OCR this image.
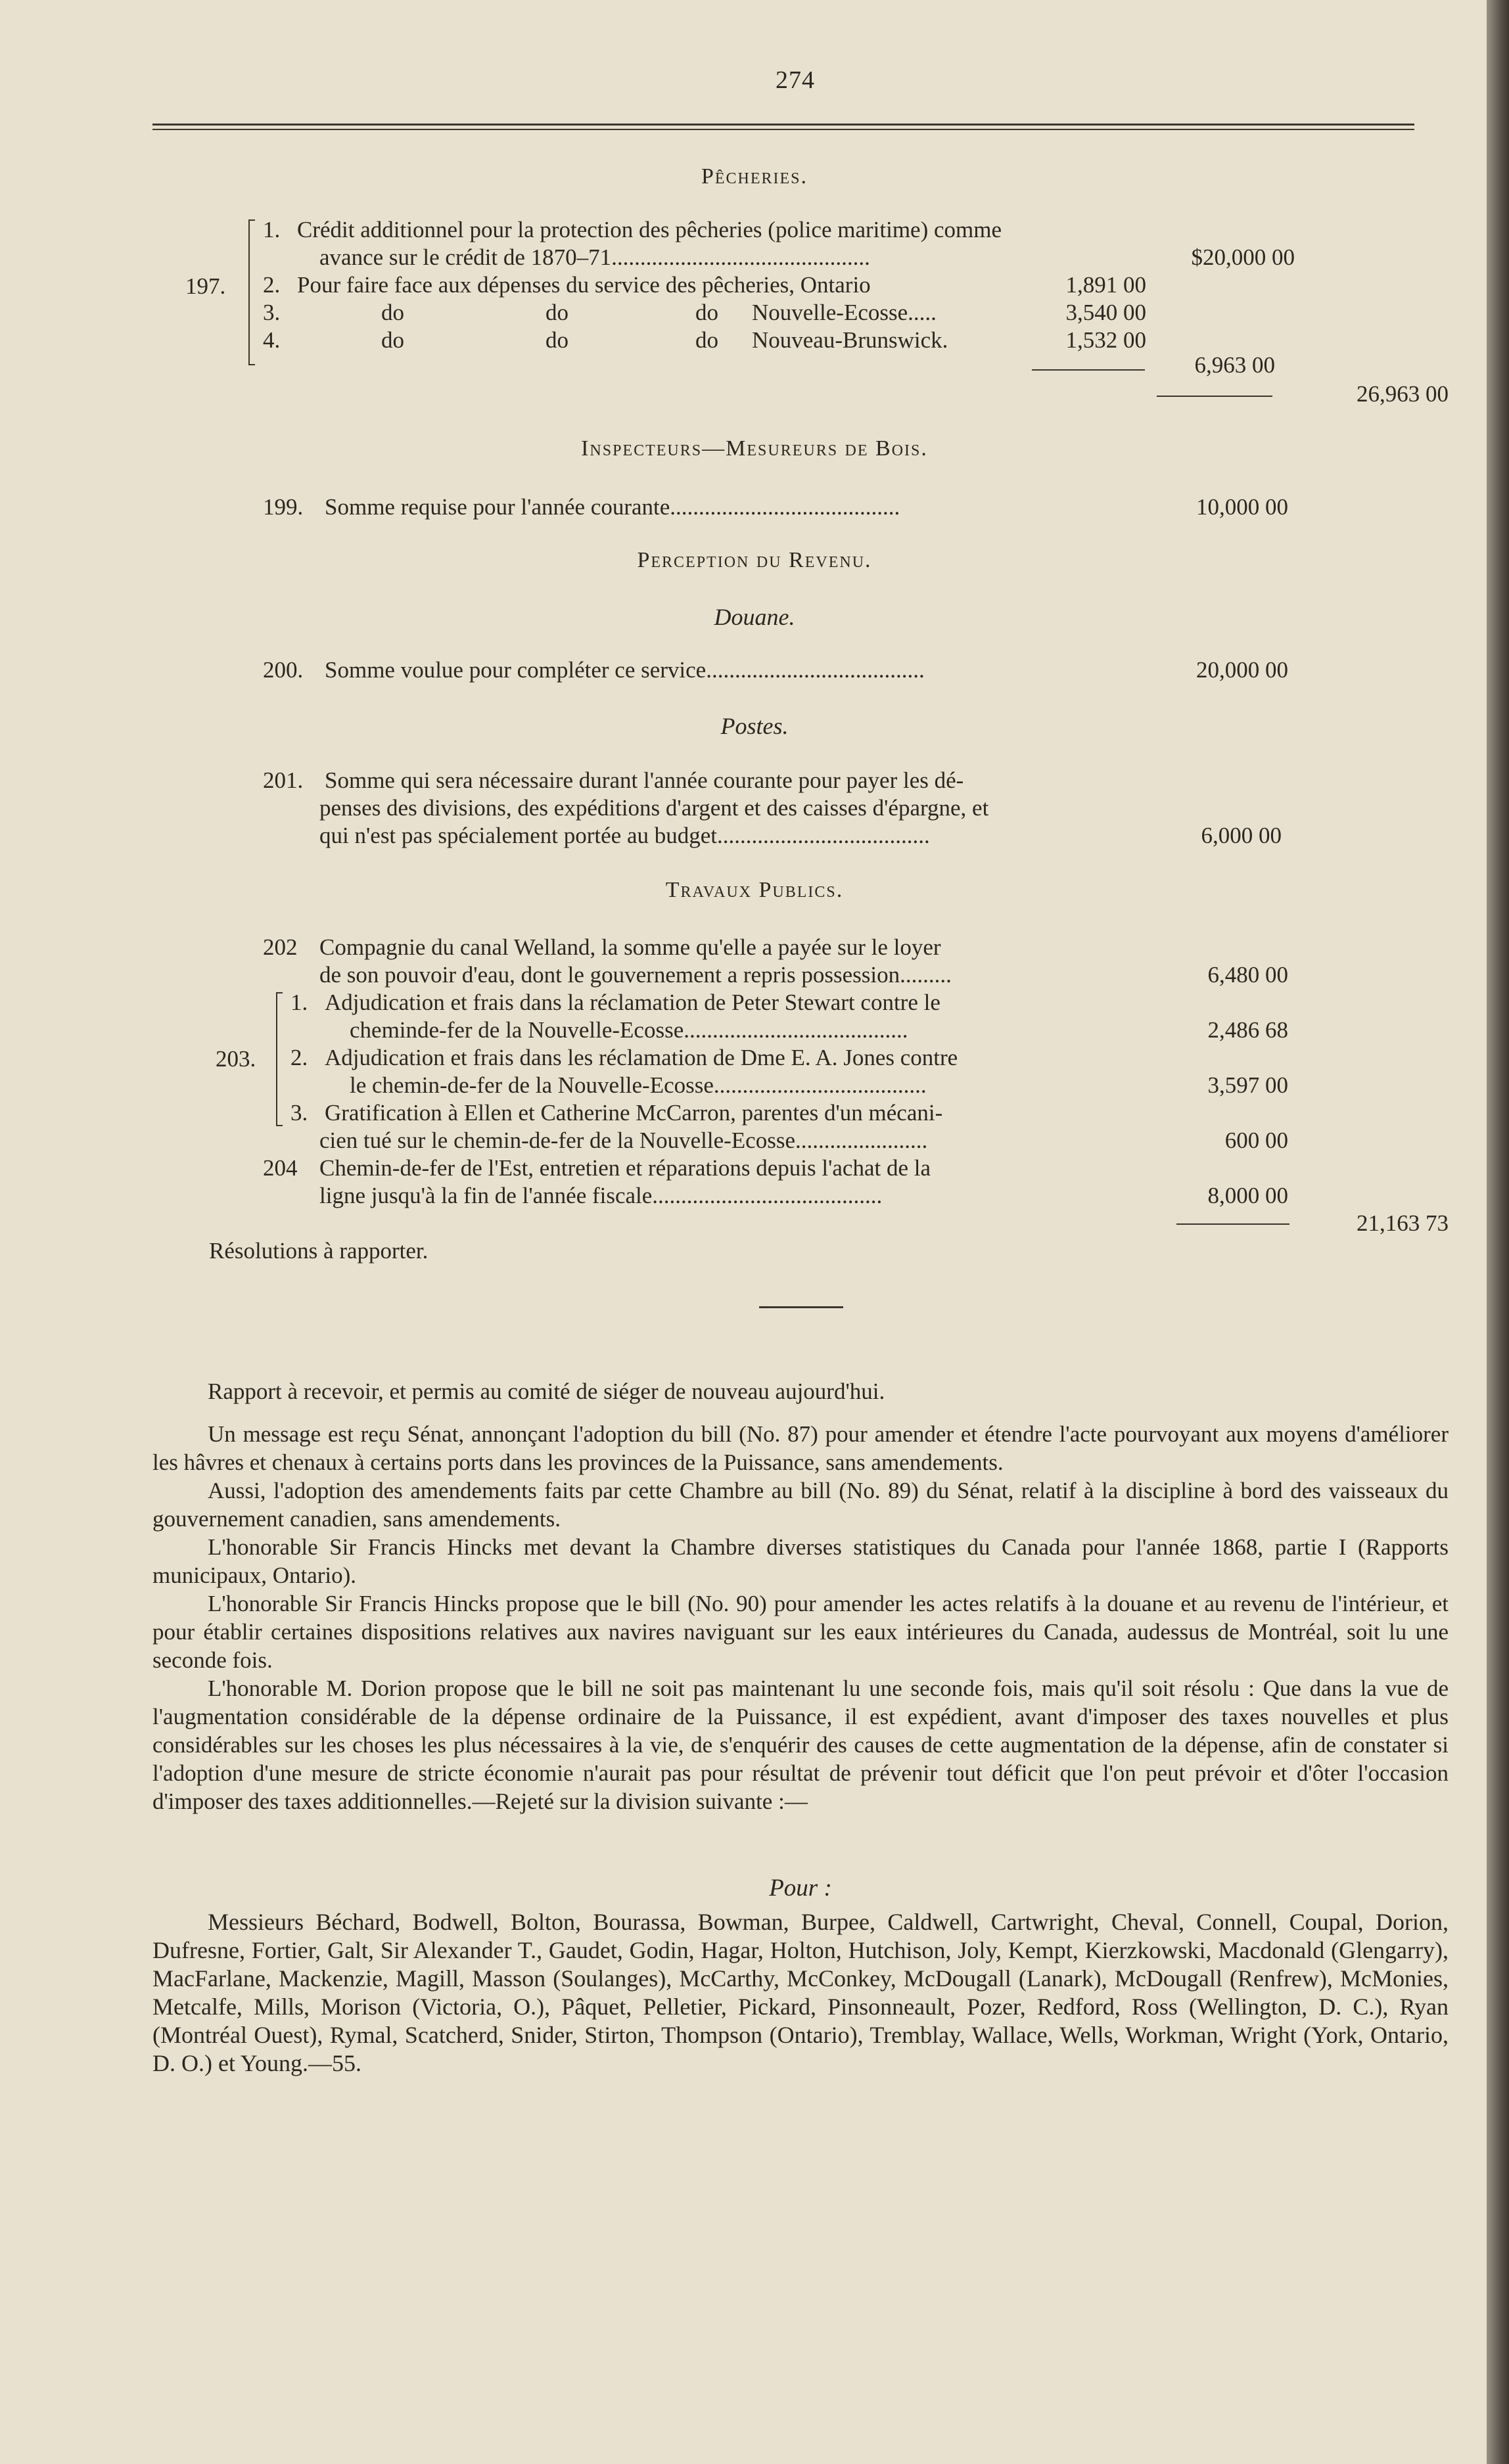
274
Pêcheries.
197.
1. Crédit additionnel pour la protection des pêcheries (police maritime) comme
avance sur le crédit de 1870–71.............................................	$20,000 00
2. Pour faire face aux dépenses du service des pêcheries, Ontario	1,891 00
3.	do	do	do Nouvelle-Ecosse.....	3,540 00
4.	do	do	do Nouveau-Brunswick.	1,532 00
6,963 00
26,963 00
Inspecteurs—Mesureurs de Bois.
199. Somme requise pour l'année courante........................................	10,000 00
Perception du Revenu.
Douane.
200. Somme voulue pour compléter ce service......................................	20,000 00
Postes.
201. Somme qui sera nécessaire durant l'année courante pour payer les dé-
penses des divisions, des expéditions d'argent et des caisses d'épargne, et
qui n'est pas spécialement portée au budget.....................................	6,000 00
Travaux Publics.
202 Compagnie du canal Welland, la somme qu'elle a payée sur le loyer
de son pouvoir d'eau, dont le gouvernement a repris possession.........	6,480 00
203.
1. Adjudication et frais dans la réclamation de Peter Stewart contre le
cheminde-fer de la Nouvelle-Ecosse.......................................	2,486 68
2. Adjudication et frais dans les réclamation de Dme E. A. Jones contre
le chemin-de-fer de la Nouvelle-Ecosse.....................................	3,597 00
3. Gratification à Ellen et Catherine McCarron, parentes d'un mécani-
cien tué sur le chemin-de-fer de la Nouvelle-Ecosse.......................	600 00
204 Chemin-de-fer de l'Est, entretien et réparations depuis l'achat de la
ligne jusqu'à la fin de l'année fiscale........................................	8,000 00
21,163 73
Résolutions à rapporter.

Rapport à recevoir, et permis au comité de siéger de nouveau aujourd'hui.

Un message est reçu Sénat, annonçant l'adoption du bill (No. 87) pour amender et étendre l'acte pourvoyant aux moyens d'améliorer les hâvres et chenaux à certains ports dans les provinces de la Puissance, sans amendements.

Aussi, l'adoption des amendements faits par cette Chambre au bill (No. 89) du Sénat, relatif à la discipline à bord des vaisseaux du gouvernement canadien, sans amendements.

L'honorable Sir Francis Hincks met devant la Chambre diverses statistiques du Canada pour l'année 1868, partie I (Rapports municipaux, Ontario).

L'honorable Sir Francis Hincks propose que le bill (No. 90) pour amender les actes relatifs à la douane et au revenu de l'intérieur, et pour établir certaines dispositions relatives aux navires naviguant sur les eaux intérieures du Canada, audessus de Montréal, soit lu une seconde fois.

L'honorable M. Dorion propose que le bill ne soit pas maintenant lu une seconde fois, mais qu'il soit résolu : Que dans la vue de l'augmentation considérable de la dépense ordinaire de la Puissance, il est expédient, avant d'imposer des taxes nouvelles et plus considérables sur les choses les plus nécessaires à la vie, de s'enquérir des causes de cette augmentation de la dépense, afin de constater si l'adoption d'une mesure de stricte économie n'aurait pas pour résultat de prévenir tout déficit que l'on peut prévoir et d'ôter l'occasion d'imposer des taxes additionnelles.—Rejeté sur la division suivante :—

Pour :

Messieurs Béchard, Bodwell, Bolton, Bourassa, Bowman, Burpee, Caldwell, Cartwright, Cheval, Connell, Coupal, Dorion, Dufresne, Fortier, Galt, Sir Alexander T., Gaudet, Godin, Hagar, Holton, Hutchison, Joly, Kempt, Kierzkowski, Macdonald (Glengarry), MacFarlane, Mackenzie, Magill, Masson (Soulanges), McCarthy, McConkey, McDougall (Lanark), McDougall (Renfrew), McMonies, Metcalfe, Mills, Morison (Victoria, O.), Pâquet, Pelletier, Pickard, Pinsonneault, Pozer, Redford, Ross (Wellington, D. C.), Ryan (Montréal Ouest), Rymal, Scatcherd, Snider, Stirton, Thompson (Ontario), Tremblay, Wallace, Wells, Workman, Wright (York, Ontario, D. O.) et Young.—55.
